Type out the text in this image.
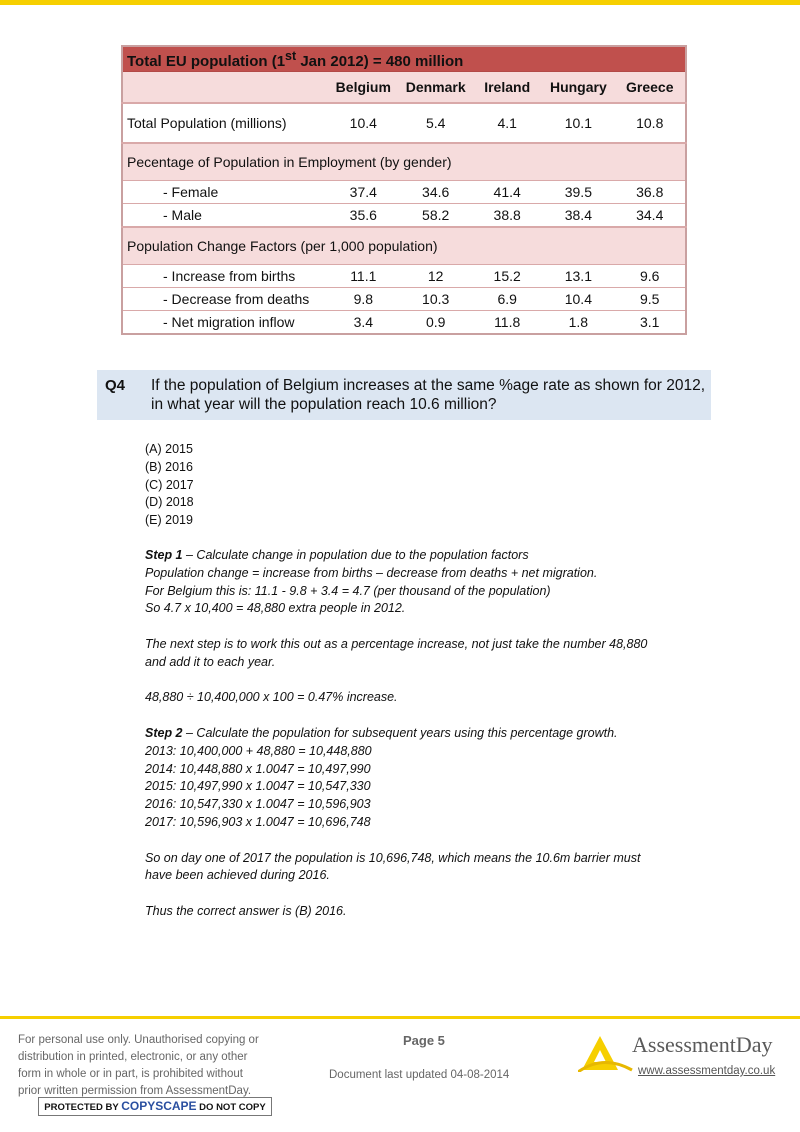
Total EU population (1st Jan 2012) = 480 million					
	Belgium	Denmark	Ireland	Hungary	Greece
Total Population (millions)	10.4	5.4	4.1	10.1	10.8
Pecentage of Population in Employment (by gender)					
- Female	37.4	34.6	41.4	39.5	36.8
- Male	35.6	58.2	38.8	38.4	34.4
Population Change Factors (per 1,000 population)					
- Increase from births	11.1	12	15.2	13.1	9.6
- Decrease from deaths	9.8	10.3	6.9	10.4	9.5
- Net migration inflow	3.4	0.9	11.8	1.8	3.1
Q4 If the population of Belgium increases at the same %age rate as shown for 2012, in what year will the population reach 10.6 million?
(A) 2015
(B) 2016
(C) 2017
(D) 2018
(E) 2019
Step 1 – Calculate change in population due to the population factors
Population change = increase from births – decrease from deaths + net migration.
For Belgium this is: 11.1 - 9.8 + 3.4 = 4.7 (per thousand of the population)
So 4.7 x 10,400 = 48,880 extra people in 2012.
The next step is to work this out as a percentage increase, not just take the number 48,880
and add it to each year.
48,880 ÷ 10,400,000 x 100 = 0.47% increase.
Step 2 – Calculate the population for subsequent years using this percentage growth.
2013: 10,400,000 + 48,880 = 10,448,880
2014: 10,448,880 x 1.0047 = 10,497,990
2015: 10,497,990 x 1.0047 = 10,547,330
2016: 10,547,330 x 1.0047 = 10,596,903
2017: 10,596,903 x 1.0047 = 10,696,748
So on day one of 2017 the population is 10,696,748, which means the 10.6m barrier must
have been achieved during 2016.
Thus the correct answer is (B) 2016.
For personal use only. Unauthorised copying or
distribution in printed, electronic, or any other
form in whole or in part, is prohibited without
prior written permission from AssessmentDay.
PROTECTED BY COPYSCAPE DO NOT COPY
Page 5
Document last updated 04-08-2014
AssessmentDay
www.assessmentday.co.uk
